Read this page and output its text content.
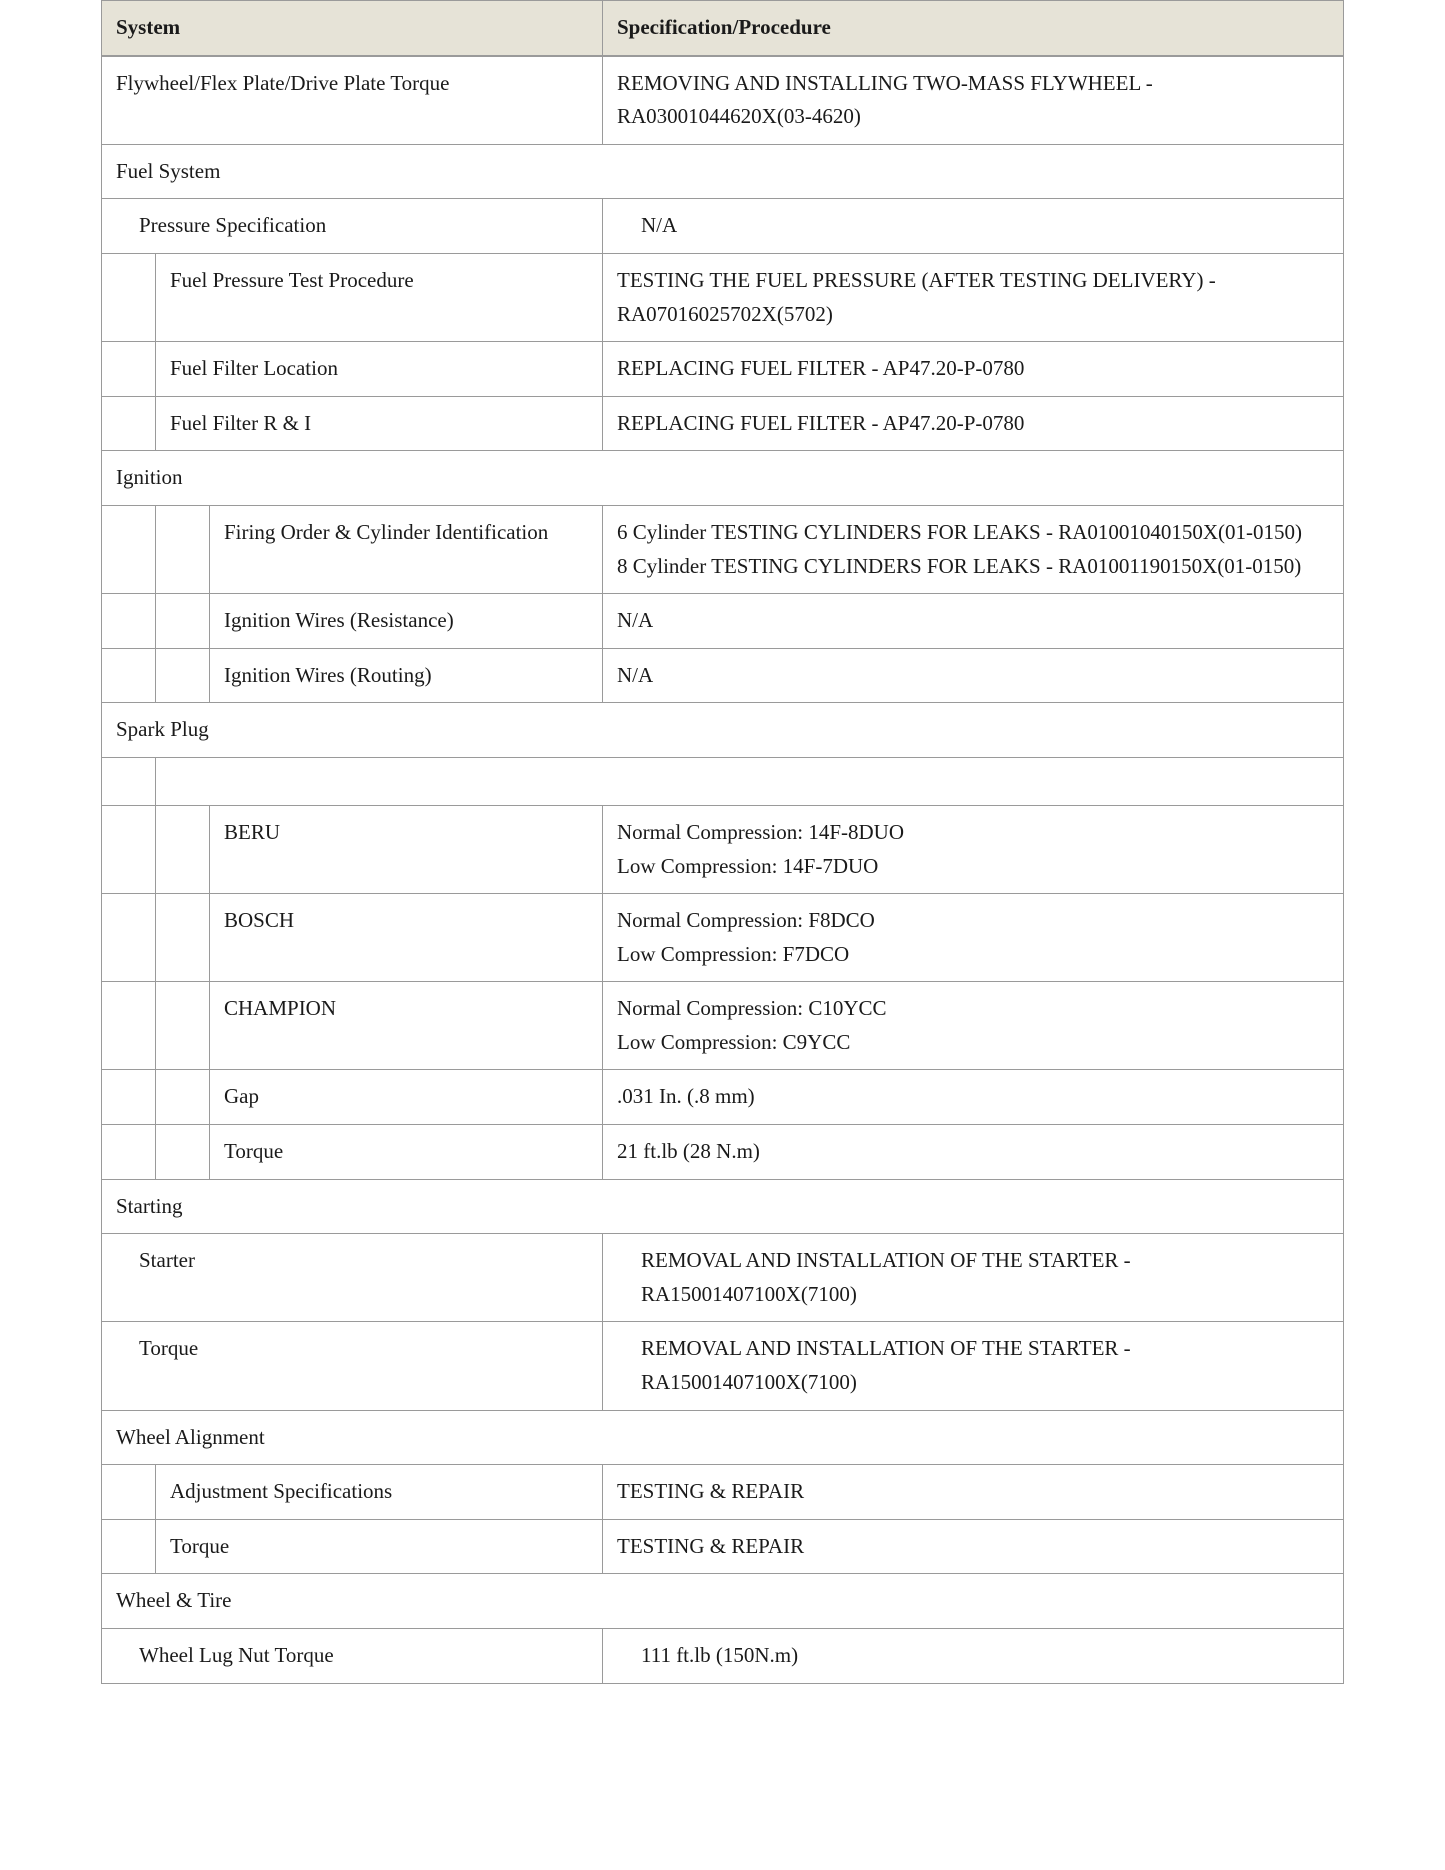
System	Specification/Procedure
Flywheel/Flex Plate/Drive Plate Torque	REMOVING AND INSTALLING TWO-MASS FLYWHEEL -
RA03001044620X(03-4620)
Fuel System
Pressure Specification	N/A
Fuel Pressure Test Procedure	TESTING THE FUEL PRESSURE (AFTER TESTING DELIVERY) -
RA07016025702X(5702)
Fuel Filter Location	REPLACING FUEL FILTER - AP47.20-P-0780
Fuel Filter R & I	REPLACING FUEL FILTER - AP47.20-P-0780
Ignition
Firing Order & Cylinder Identification	6 Cylinder TESTING CYLINDERS FOR LEAKS - RA01001040150X(01-0150)
8 Cylinder TESTING CYLINDERS FOR LEAKS - RA01001190150X(01-0150)
Ignition Wires (Resistance)	N/A
Ignition Wires (Routing)	N/A
Spark Plug
BERU	Normal Compression: 14F-8DUO
Low Compression: 14F-7DUO
BOSCH	Normal Compression: F8DCO
Low Compression: F7DCO
CHAMPION	Normal Compression: C10YCC
Low Compression: C9YCC
Gap	.031 In. (.8 mm)
Torque	21 ft.lb (28 N.m)
Starting
Starter	REMOVAL AND INSTALLATION OF THE STARTER -
RA15001407100X(7100)
Torque	REMOVAL AND INSTALLATION OF THE STARTER -
RA15001407100X(7100)
Wheel Alignment
Adjustment Specifications	TESTING & REPAIR
Torque	TESTING & REPAIR
Wheel & Tire
Wheel Lug Nut Torque	111 ft.lb (150N.m)
